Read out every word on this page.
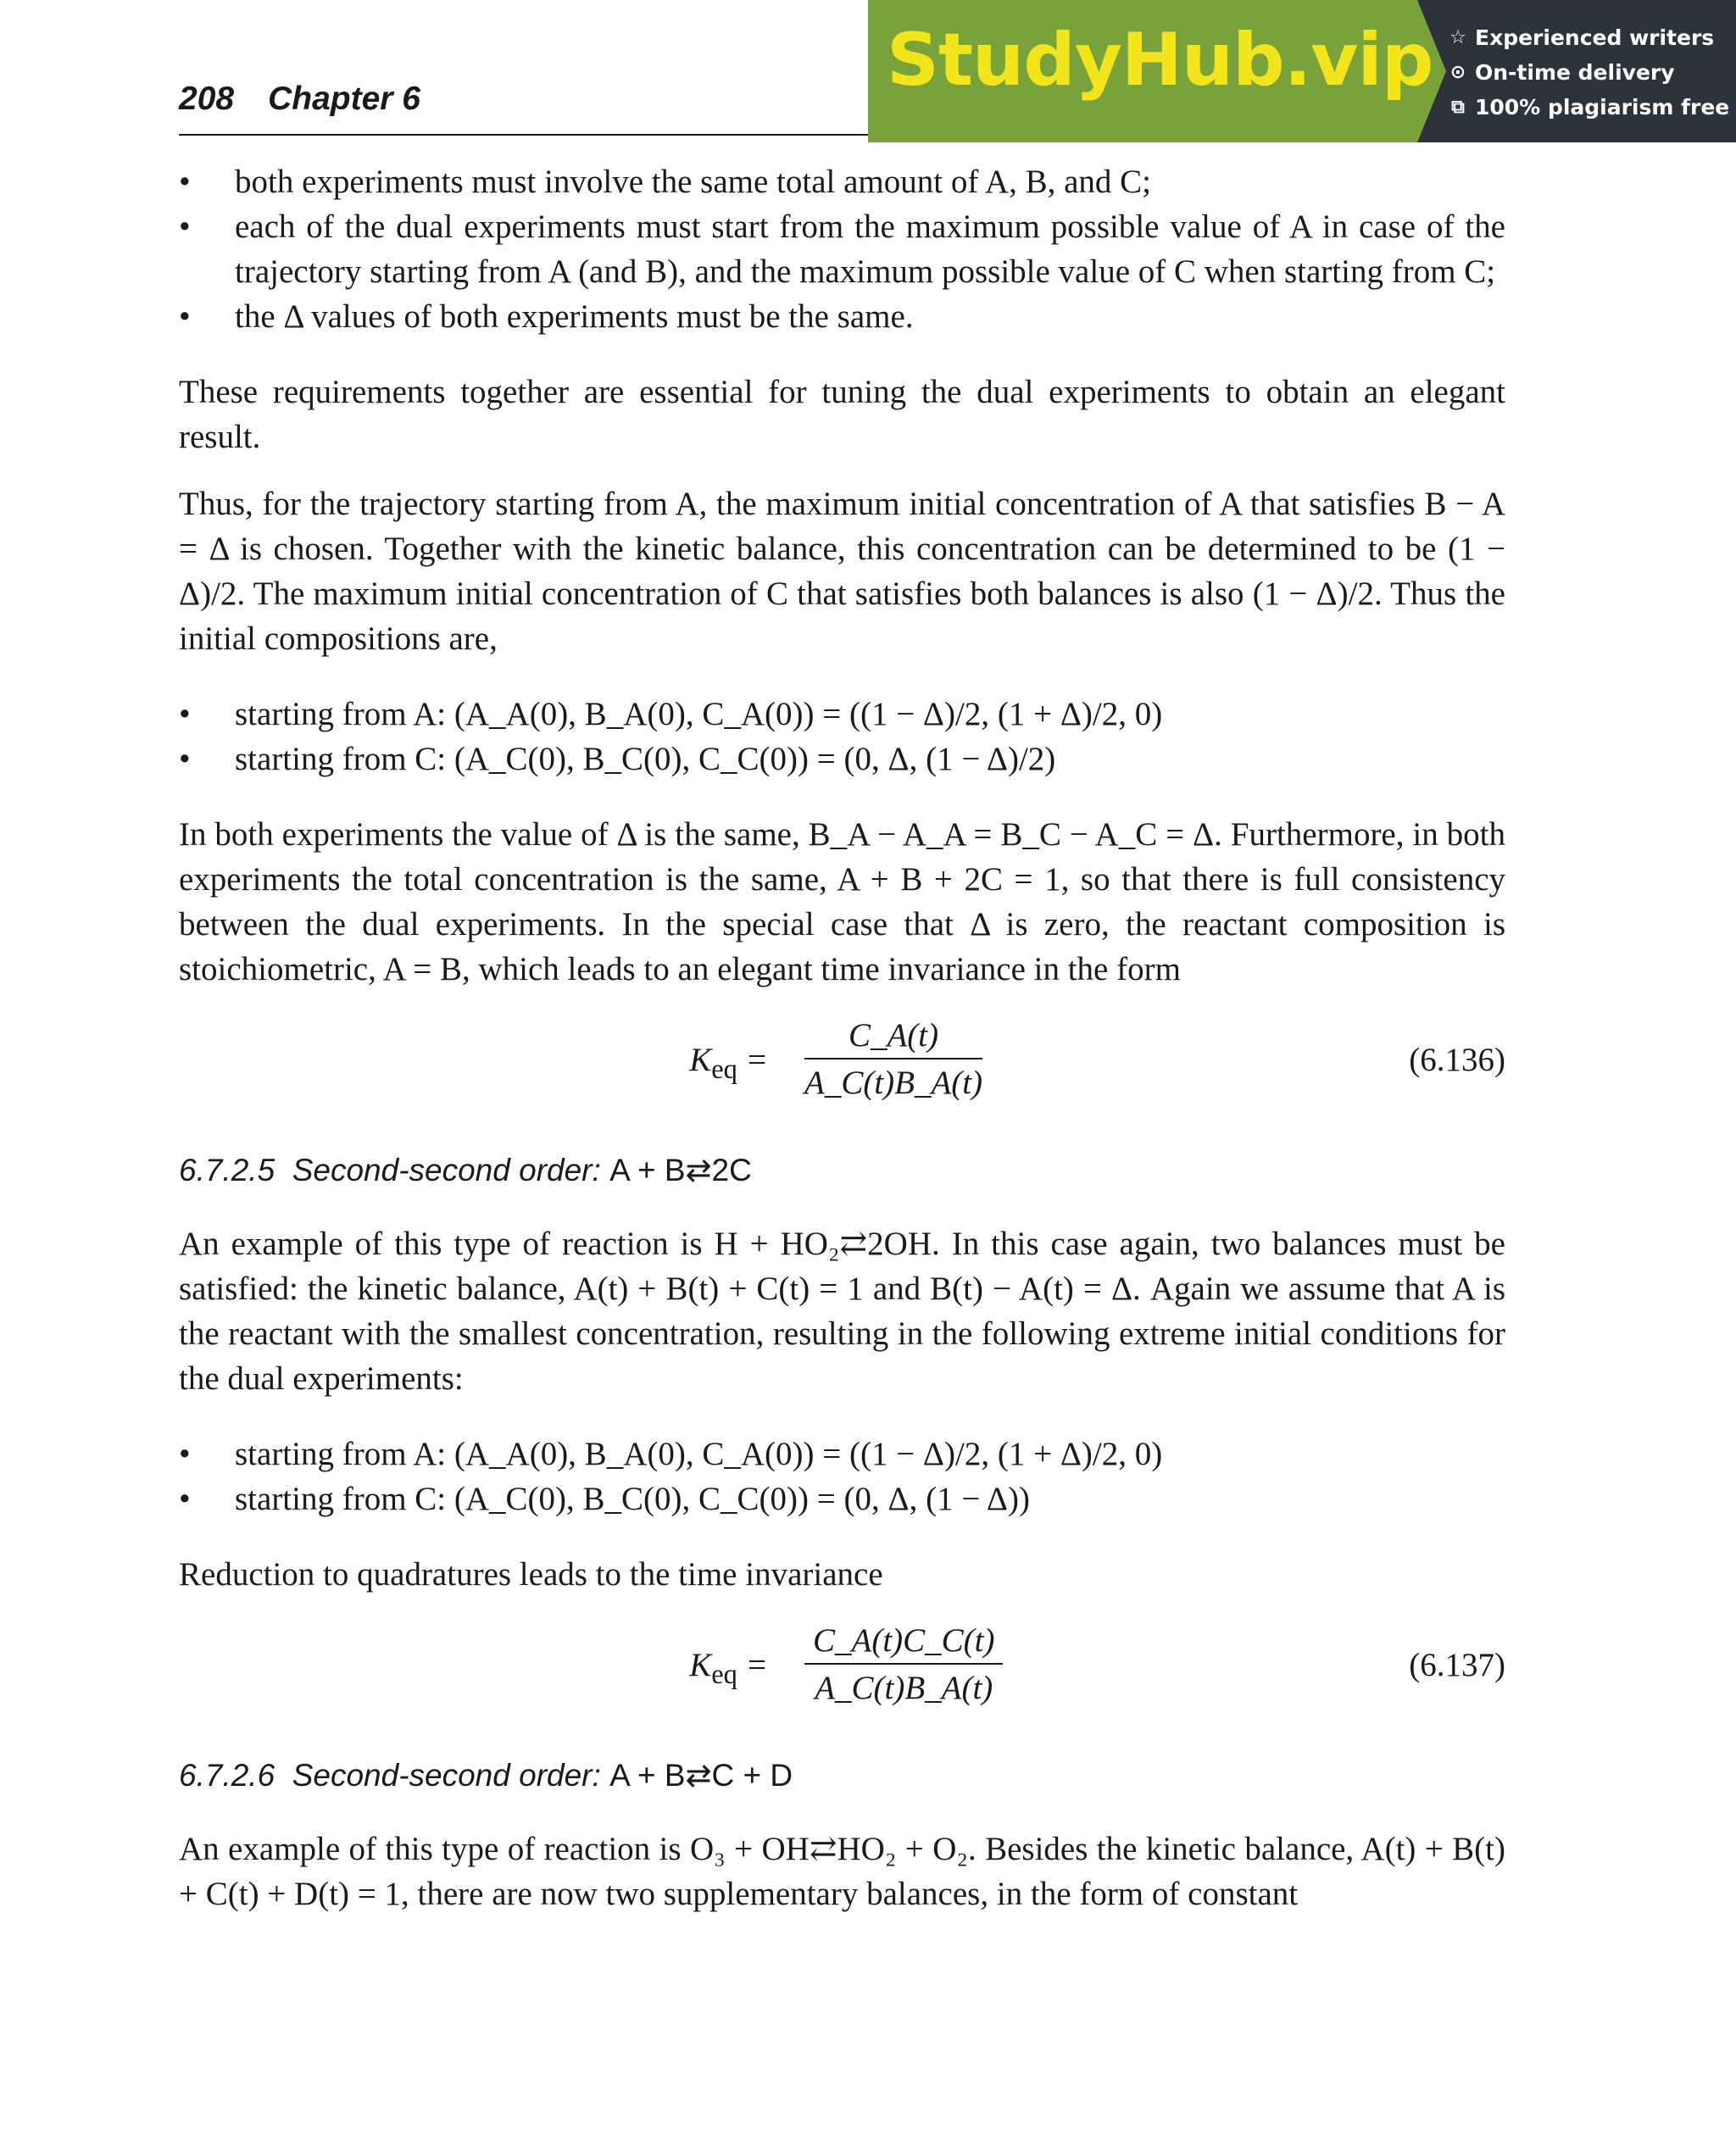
208 Chapter 6	StudyHub.vip ☆ Experienced writers
⊙ On-time delivery
⧉ 100% plagiarism free
• both experiments must involve the same total amount of A, B, and C;
• each of the dual experiments must start from the maximum possible value of A in case of the trajectory starting from A (and B), and the maximum possible value of C when starting from C;
• the Δ values of both experiments must be the same.

These requirements together are essential for tuning the dual experiments to obtain an elegant result.

Thus, for the trajectory starting from A, the maximum initial concentration of A that satisfies B − A = Δ is chosen. Together with the kinetic balance, this concentration can be determined to be (1 − Δ)/2. The maximum initial concentration of C that satisfies both balances is also (1 − Δ)/2. Thus the initial compositions are,

• starting from A: (A_A(0), B_A(0), C_A(0)) = ((1 − Δ)/2, (1 + Δ)/2, 0)
• starting from C: (A_C(0), B_C(0), C_C(0)) = (0, Δ, (1 − Δ)/2)

In both experiments the value of Δ is the same, B_A − A_A = B_C − A_C = Δ. Furthermore, in both experiments the total concentration is the same, A + B + 2C = 1, so that there is full consistency between the dual experiments. In the special case that Δ is zero, the reactant composition is stoichiometric, A = B, which leads to an elegant time invariance in the form

$K_{eq} = \frac{C\_A(t)}{A\_C(t)B\_A(t)}$	(6.136)
6.7.2.5 Second-second order: A + B⇄2C

An example of this type of reaction is H + HO₂⇄2OH. In this case again, two balances must be satisfied: the kinetic balance, A(t) + B(t) + C(t) = 1 and B(t) − A(t) = Δ. Again we assume that A is the reactant with the smallest concentration, resulting in the following extreme initial conditions for the dual experiments:

• starting from A: (A_A(0), B_A(0), C_A(0)) = ((1 − Δ)/2, (1 + Δ)/2, 0)
• starting from C: (A_C(0), B_C(0), C_C(0)) = (0, Δ, (1 − Δ))

Reduction to quadratures leads to the time invariance

$K_{eq} = \frac{C\_A(t)C\_C(t)}{A\_C(t)B\_A(t)}$	(6.137)
6.7.2.6 Second-second order: A + B⇄C + D

An example of this type of reaction is O₃ + OH⇄HO₂ + O₂. Besides the kinetic balance, A(t) + B(t) + C(t) + D(t) = 1, there are now two supplementary balances, in the form of constant
